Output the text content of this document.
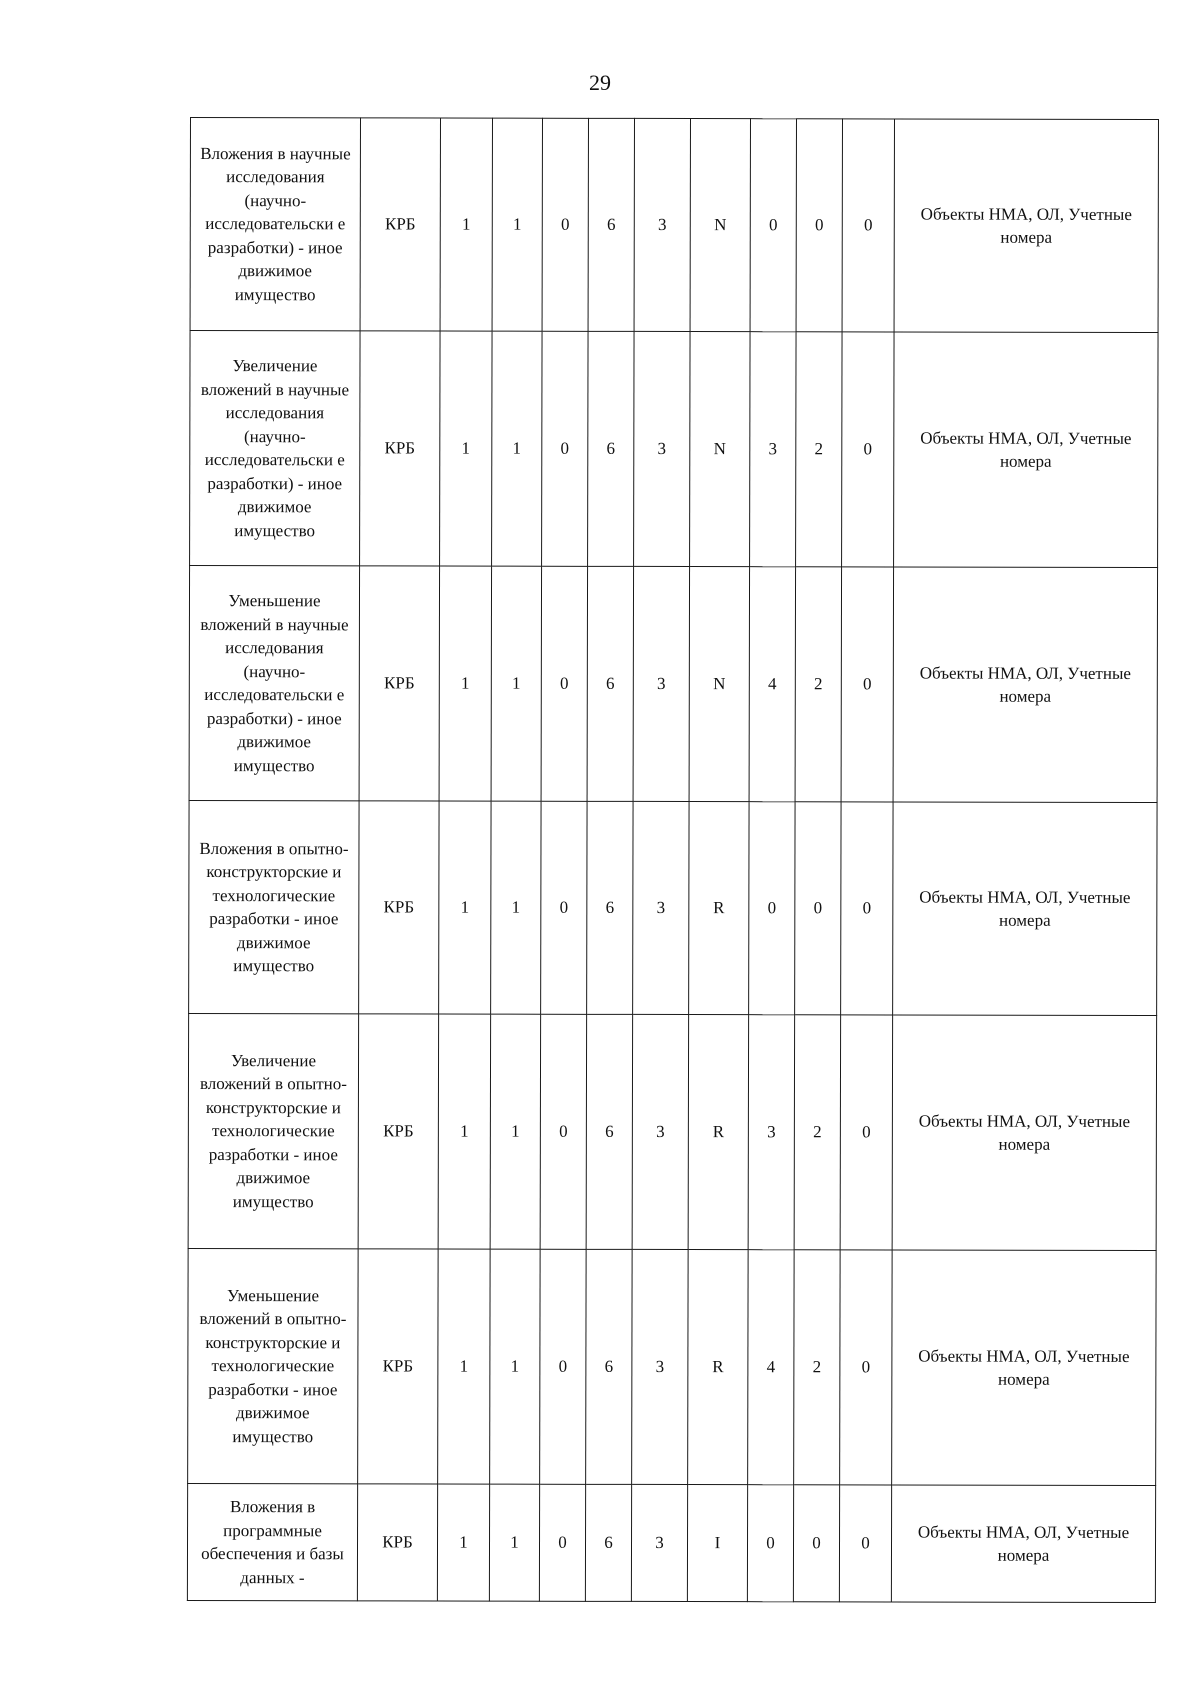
29
Вложения в научные исследования (научно-исследовательски е разработки) - иное движимое имущество	КРБ	1	1	0	6	3	N	0	0	0	Объекты НМА, ОЛ, Учетные номера
Увеличение вложений в научные исследования (научно-исследовательски е разработки) - иное движимое имущество	КРБ	1	1	0	6	3	N	3	2	0	Объекты НМА, ОЛ, Учетные номера
Уменьшение вложений в научные исследования (научно-исследовательски е разработки) - иное движимое имущество	КРБ	1	1	0	6	3	N	4	2	0	Объекты НМА, ОЛ, Учетные номера
Вложения в опытно-конструкторские и технологические разработки - иное движимое имущество	КРБ	1	1	0	6	3	R	0	0	0	Объекты НМА, ОЛ, Учетные номера
Увеличение вложений в опытно-конструкторские и технологические разработки - иное движимое имущество	КРБ	1	1	0	6	3	R	3	2	0	Объекты НМА, ОЛ, Учетные номера
Уменьшение вложений в опытно-конструкторские и технологические разработки - иное движимое имущество	КРБ	1	1	0	6	3	R	4	2	0	Объекты НМА, ОЛ, Учетные номера
Вложения в программные обеспечения и базы данных -	КРБ	1	1	0	6	3	I	0	0	0	Объекты НМА, ОЛ, Учетные номера
